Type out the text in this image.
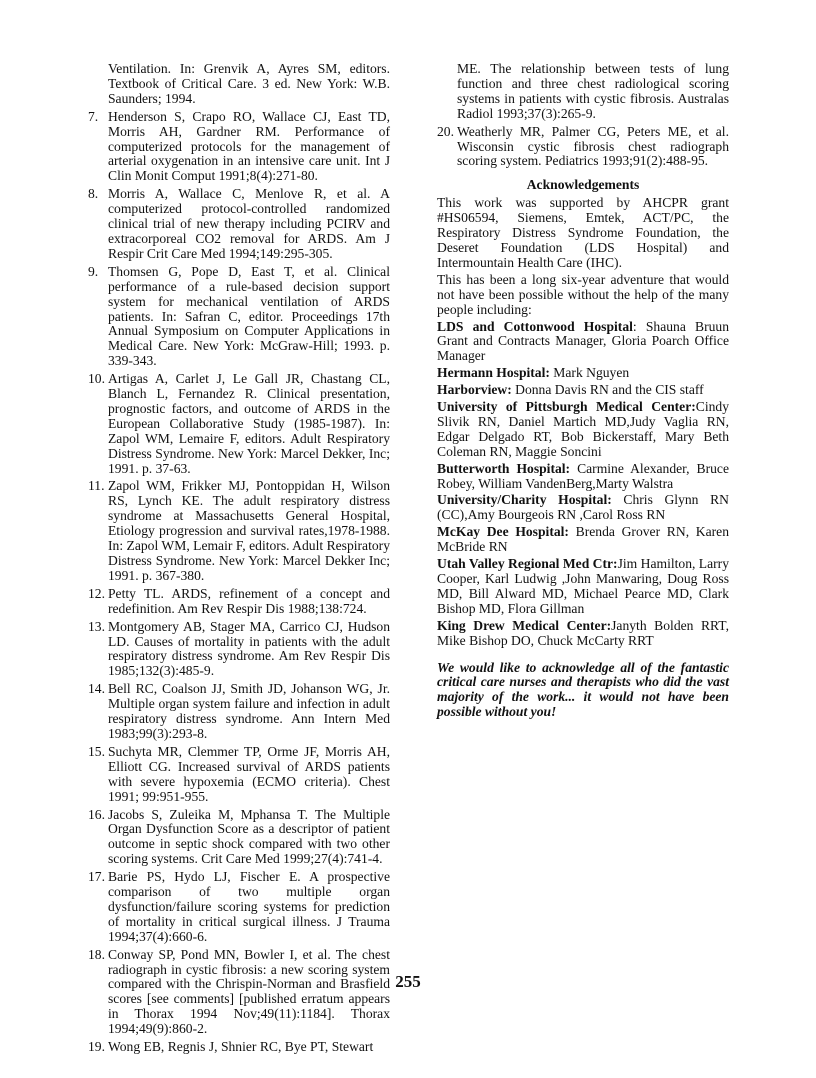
Ventilation. In: Grenvik A, Ayres SM, editors. Textbook of Critical Care. 3 ed. New York: W.B. Saunders; 1994.
7. Henderson S, Crapo RO, Wallace CJ, East TD, Morris AH, Gardner RM. Performance of computerized protocols for the management of arterial oxygenation in an intensive care unit. Int J Clin Monit Comput 1991;8(4):271-80.
8. Morris A, Wallace C, Menlove R, et al. A computerized protocol-controlled randomized clinical trial of new therapy including PCIRV and extracorporeal CO2 removal for ARDS. Am J Respir Crit Care Med 1994;149:295-305.
9. Thomsen G, Pope D, East T, et al. Clinical performance of a rule-based decision support system for mechanical ventilation of ARDS patients. In: Safran C, editor. Proceedings 17th Annual Symposium on Computer Applications in Medical Care. New York: McGraw-Hill; 1993. p. 339-343.
10. Artigas A, Carlet J, Le Gall JR, Chastang CL, Blanch L, Fernandez R. Clinical presentation, prognostic factors, and outcome of ARDS in the European Collaborative Study (1985-1987). In: Zapol WM, Lemaire F, editors. Adult Respiratory Distress Syndrome. New York: Marcel Dekker, Inc; 1991. p. 37-63.
11. Zapol WM, Frikker MJ, Pontoppidan H, Wilson RS, Lynch KE. The adult respiratory distress syndrome at Massachusetts General Hospital, Etiology progression and survival rates,1978-1988. In: Zapol WM, Lemair F, editors. Adult Respiratory Distress Syndrome. New York: Marcel Dekker Inc; 1991. p. 367-380.
12. Petty TL. ARDS, refinement of a concept and redefinition. Am Rev Respir Dis 1988;138:724.
13. Montgomery AB, Stager MA, Carrico CJ, Hudson LD. Causes of mortality in patients with the adult respiratory distress syndrome. Am Rev Respir Dis 1985;132(3):485-9.
14. Bell RC, Coalson JJ, Smith JD, Johanson WG, Jr. Multiple organ system failure and infection in adult respiratory distress syndrome. Ann Intern Med 1983;99(3):293-8.
15. Suchyta MR, Clemmer TP, Orme JF, Morris AH, Elliott CG. Increased survival of ARDS patients with severe hypoxemia (ECMO criteria). Chest 1991; 99:951-955.
16. Jacobs S, Zuleika M, Mphansa T. The Multiple Organ Dysfunction Score as a descriptor of patient outcome in septic shock compared with two other scoring systems. Crit Care Med 1999;27(4):741-4.
17. Barie PS, Hydo LJ, Fischer E. A prospective comparison of two multiple organ dysfunction/failure scoring systems for prediction of mortality in critical surgical illness. J Trauma 1994;37(4):660-6.
18. Conway SP, Pond MN, Bowler I, et al. The chest radiograph in cystic fibrosis: a new scoring system compared with the Chrispin-Norman and Brasfield scores [see comments] [published erratum appears in Thorax 1994 Nov;49(11):1184]. Thorax 1994;49(9):860-2.
19. Wong EB, Regnis J, Shnier RC, Bye PT, Stewart
ME. The relationship between tests of lung function and three chest radiological scoring systems in patients with cystic fibrosis. Australas Radiol 1993;37(3):265-9.
20. Weatherly MR, Palmer CG, Peters ME, et al. Wisconsin cystic fibrosis chest radiograph scoring system. Pediatrics 1993;91(2):488-95.
Acknowledgements
This work was supported by AHCPR grant #HS06594, Siemens, Emtek, ACT/PC, the Respiratory Distress Syndrome Foundation, the Deseret Foundation (LDS Hospital) and Intermountain Health Care (IHC).
This has been a long six-year adventure that would not have been possible without the help of the many people including:
LDS and Cottonwood Hospital: Shauna Bruun Grant and Contracts Manager, Gloria Poarch Office Manager
Hermann Hospital: Mark Nguyen
Harborview: Donna Davis RN and the CIS staff
University of Pittsburgh Medical Center:Cindy Slivik RN, Daniel Martich MD,Judy Vaglia RN, Edgar Delgado RT, Bob Bickerstaff, Mary Beth Coleman RN, Maggie Soncini
Butterworth Hospital: Carmine Alexander, Bruce Robey, William VandenBerg,Marty Walstra
University/Charity Hospital: Chris Glynn RN (CC),Amy Bourgeois RN ,Carol Ross RN
McKay Dee Hospital: Brenda Grover RN, Karen McBride RN
Utah Valley Regional Med Ctr:Jim Hamilton, Larry Cooper, Karl Ludwig ,John Manwaring, Doug Ross MD, Bill Alward MD, Michael Pearce MD, Clark Bishop MD, Flora Gillman
King Drew Medical Center:Janyth Bolden RRT, Mike Bishop DO, Chuck McCarty RRT
We would like to acknowledge all of the fantastic critical care nurses and therapists who did the vast majority of the work... it would not have been possible without you!
255
